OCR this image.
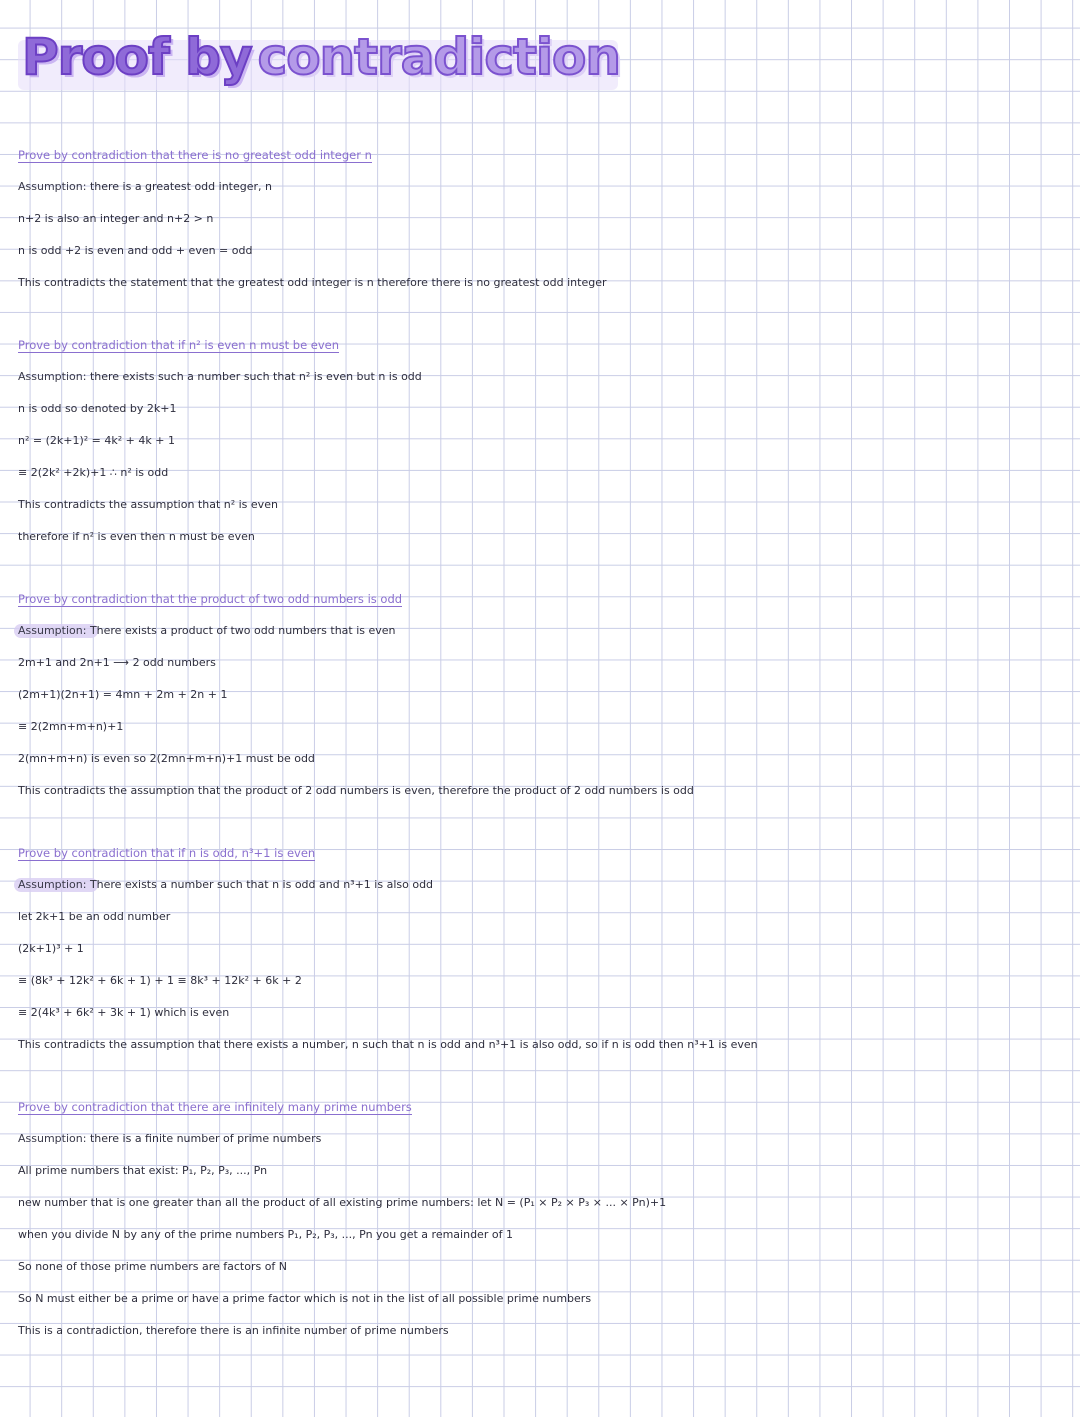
Proof by contradiction
Prove by contradiction that there is no greatest odd integer n
Assumption: there is a greatest odd integer, n
n+2 is also an integer and n+2 > n
n is odd +2 is even and odd + even = odd
This contradicts the statement that the greatest odd integer is n therefore there is no greatest odd integer
Prove by contradiction that if n² is even n must be even
Assumption: there exists such a number such that n² is even but n is odd
n is odd so denoted by 2k+1
n² = (2k+1)² = 4k² + 4k + 1
≡ 2(2k² +2k)+1 ∴ n² is odd
This contradicts the assumption that n² is even
therefore if n² is even then n must be even
Prove by contradiction that the product of two odd numbers is odd
Assumption: There exists a product of two odd numbers that is even
2m+1 and 2n+1 ⟶ 2 odd numbers
(2m+1)(2n+1) = 4mn + 2m + 2n + 1
≡ 2(2mn+m+n)+1
2(mn+m+n) is even so 2(2mn+m+n)+1 must be odd
This contradicts the assumption that the product of 2 odd numbers is even, therefore the product of 2 odd numbers is odd
Prove by contradiction that if n is odd, n³+1 is even
Assumption: There exists a number such that n is odd and n³+1 is also odd
let 2k+1 be an odd number
(2k+1)³ + 1
≡ (8k³ + 12k² + 6k + 1) + 1 ≡ 8k³ + 12k² + 6k + 2
≡ 2(4k³ + 6k² + 3k + 1) which is even
This contradicts the assumption that there exists a number, n such that n is odd and n³+1 is also odd, so if n is odd then n³+1 is even
Prove by contradiction that there are infinitely many prime numbers
Assumption: there is a finite number of prime numbers
All prime numbers that exist: P₁, P₂, P₃, ..., Pn
new number that is one greater than all the product of all existing prime numbers: let N = (P₁ × P₂ × P₃ × ... × Pn)+1
when you divide N by any of the prime numbers P₁, P₂, P₃, ..., Pn you get a remainder of 1
So none of those prime numbers are factors of N
So N must either be a prime or have a prime factor which is not in the list of all possible prime numbers
This is a contradiction, therefore there is an infinite number of prime numbers
